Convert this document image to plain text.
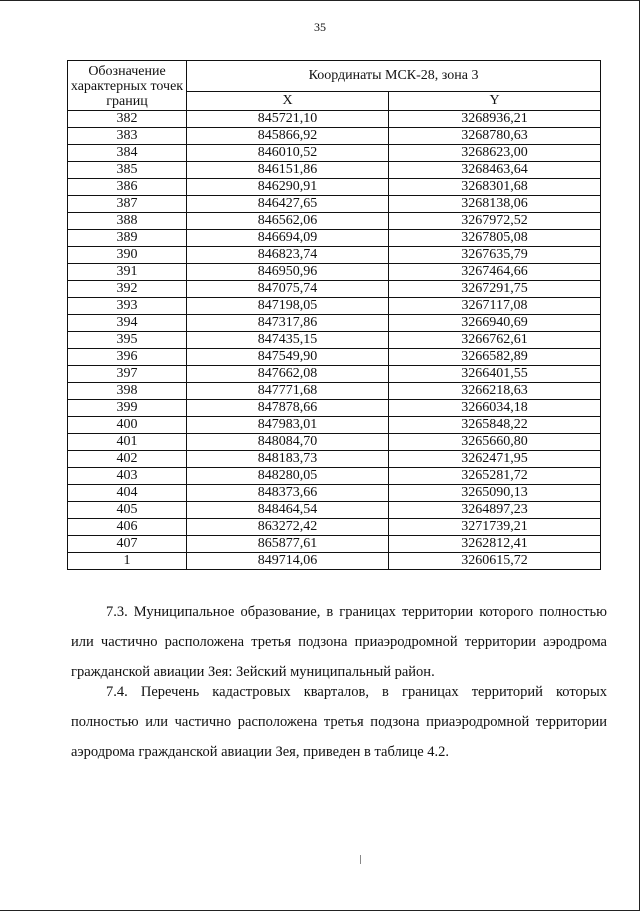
35
Обозначение характерных точек границ	Координаты МСК-28, зона 3	
	X	Y
382	845721,10	3268936,21
383	845866,92	3268780,63
384	846010,52	3268623,00
385	846151,86	3268463,64
386	846290,91	3268301,68
387	846427,65	3268138,06
388	846562,06	3267972,52
389	846694,09	3267805,08
390	846823,74	3267635,79
391	846950,96	3267464,66
392	847075,74	3267291,75
393	847198,05	3267117,08
394	847317,86	3266940,69
395	847435,15	3266762,61
396	847549,90	3266582,89
397	847662,08	3266401,55
398	847771,68	3266218,63
399	847878,66	3266034,18
400	847983,01	3265848,22
401	848084,70	3265660,80
402	848183,73	3262471,95
403	848280,05	3265281,72
404	848373,66	3265090,13
405	848464,54	3264897,23
406	863272,42	3271739,21
407	865877,61	3262812,41
1	849714,06	3260615,72

7.3. Муниципальное образование, в границах территории которого полностью или частично расположена третья подзона приаэродромной территории аэродрома гражданской авиации Зея: Зейский муниципальный район.

7.4. Перечень кадастровых кварталов, в границах территорий которых полностью или частично расположена третья подзона приаэродромной территории аэродрома гражданской авиации Зея, приведен в таблице 4.2.
